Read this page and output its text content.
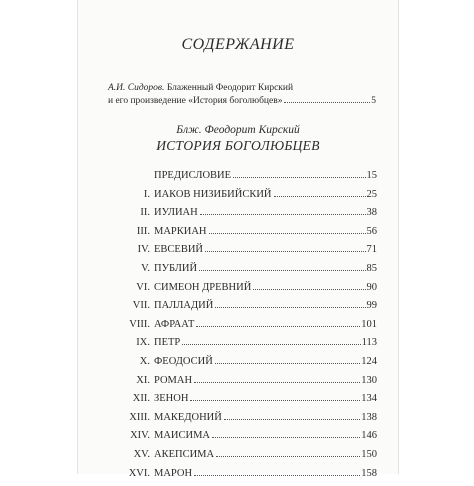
СОДЕРЖАНИЕ
А.И. Сидоров. Блаженный Феодорит Кирский
и его произведение «История боголюбцев»	5
Блж. Феодорит Кирский
ИСТОРИЯ БОГОЛЮБЦЕВ
ПРЕДИСЛОВИЕ	15
I. ИАКОВ НИЗИБИЙСКИЙ	25
II. ИУЛИАН	38
III. МАРКИАН	56
IV. ЕВСЕВИЙ	71
V. ПУБЛИЙ	85
VI. СИМЕОН ДРЕВНИЙ	90
VII. ПАЛЛАДИЙ	99
VIII. АФРААТ	101
IX. ПЕТР	113
X. ФЕОДОСИЙ	124
XI. РОМАН	130
XII. ЗЕНОН	134
XIII. МАКЕДОНИЙ	138
XIV. МАИСИМА	146
XV. АКЕПСИМА	150
XVI. МАРОН	158
